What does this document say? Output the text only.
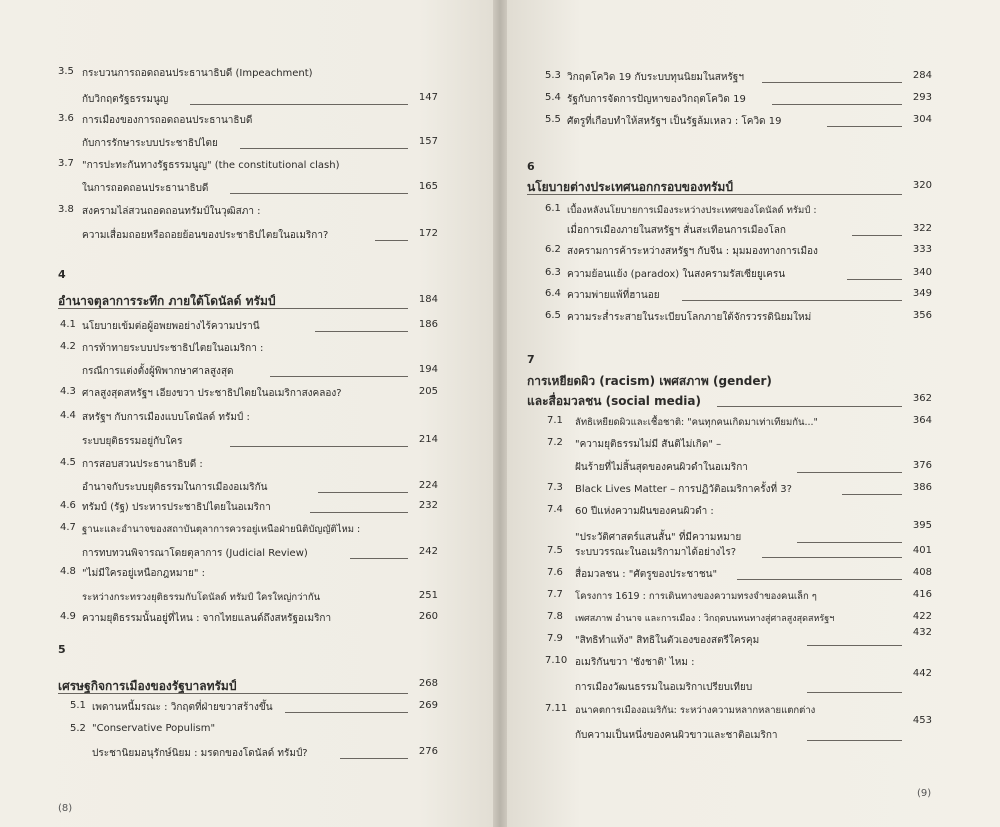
3.5 กระบวนการถอดถอนประธานาธิบดี (Impeachment)
กับวิกฤตรัฐธรรมนูญ	147
3.6 การเมืองของการถอดถอนประธานาธิบดี
กับการรักษาระบบประชาธิปไตย	157
3.7 "การปะทะกันทางรัฐธรรมนูญ" (the constitutional clash)
ในการถอดถอนประธานาธิบดี	165
3.8 สงครามไล่สวนถอดถอนทรัมป์ในวุฒิสภา :
ความเสื่อมถอยหรือถอยย้อนของประชาธิปไตยในอเมริกา?	172
4
อำนาจตุลาการระทึก ภายใต้โดนัลด์ ทรัมป์	184
4.1 นโยบายเข้มต่อผู้อพยพอย่างไร้ความปรานี	186
4.2 การท้าทายระบบประชาธิปไตยในอเมริกา :
กรณีการแต่งตั้งผู้พิพากษาศาลสูงสุด	194
4.3 ศาลสูงสุดสหรัฐฯ เอียงขวา ประชาธิปไตยในอเมริกาสงคลอง?	205
4.4 สหรัฐฯ กับการเมืองแบบโดนัลด์ ทรัมป์ :
ระบบยุติธรรมอยู่กับใคร	214
4.5 การสอบสวนประธานาธิบดี :
อำนาจกับระบบยุติธรรมในการเมืองอเมริกัน	224
4.6 ทรัมป์ (รัฐ) ประหารประชาธิปไตยในอเมริกา	232
4.7 ฐานะและอำนาจของสถาบันตุลาการควรอยู่เหนือฝ่ายนิติบัญญัติไหม :
การทบทวนพิจารณาโดยตุลาการ (Judicial Review)	242
4.8 "ไม่มีใครอยู่เหนือกฎหมาย" :
ระหว่างกระทรวงยุติธรรมกับโดนัลด์ ทรัมป์ ใครใหญ่กว่ากัน	251
4.9 ความยุติธรรมนั้นอยู่ที่ไหน : จากไทยแลนด์ถึงสหรัฐอเมริกา	260
5
เศรษฐกิจการเมืองของรัฐบาลทรัมป์	268
5.1 เพดานหนี้มรณะ : วิกฤตที่ฝ่ายขวาสร้างขึ้น	269
5.2 "Conservative Populism"
ประชานิยมอนุรักษ์นิยม : มรดกของโดนัลด์ ทรัมป์?	276
(8)
5.3 วิกฤตโควิด 19 กับระบบทุนนิยมในสหรัฐฯ	284
5.4 รัฐกับการจัดการปัญหาของวิกฤตโควิด 19	293
5.5 ศัตรูที่เกือบทำให้สหรัฐฯ เป็นรัฐล้มเหลว : โควิด 19	304
6
นโยบายต่างประเทศนอกกรอบของทรัมป์	320
6.1 เบื้องหลังนโยบายการเมืองระหว่างประเทศของโดนัลด์ ทรัมป์ :
เมื่อการเมืองภายในสหรัฐฯ สั่นสะเทือนการเมืองโลก	322
6.2 สงครามการค้าระหว่างสหรัฐฯ กับจีน : มุมมองทางการเมือง	333
6.3 ความย้อนแย้ง (paradox) ในสงครามรัสเซียยูเครน	340
6.4 ความพ่ายแพ้ที่ฮานอย	349
6.5 ความระส่ำระสายในระเบียบโลกภายใต้จักรวรรดินิยมใหม่	356
7
การเหยียดผิว (racism) เพศสภาพ (gender)
และสื่อมวลชน (social media)	362
7.1 ลัทธิเหยียดผิวและเชื้อชาติ: "คนทุกคนเกิดมาเท่าเทียมกัน..."	364
7.2 "ความยุติธรรมไม่มี สันติไม่เกิด" –
ฝันร้ายที่ไม่สิ้นสุดของคนผิวดำในอเมริกา	376
7.3 Black Lives Matter – การปฏิวัติอเมริกาครั้งที่ 3?	386
7.4 60 ปีแห่งความฝันของคนผิวดำ :
"ประวัติศาสตร์แสนสั้น" ที่มีความหมาย
395
7.5 ระบบวรรณะในอเมริกามาได้อย่างไร?	401
7.6 สื่อมวลชน : "ศัตรูของประชาชน"	408
7.7 โครงการ 1619 : การเดินทางของความทรงจำของคนเล็ก ๆ	416
7.8 เพศสภาพ อำนาจ และการเมือง : วิกฤตบนหนทางสู่ศาลสูงสุดสหรัฐฯ	422
7.9 "สิทธิทำแท้ง" สิทธิในตัวเองของสตรีใครคุม
432
7.10 อเมริกันขวา 'ชังชาติ' ไหม :
การเมืองวัฒนธรรมในอเมริกาเปรียบเทียบ
442
7.11 อนาคตการเมืองอเมริกัน: ระหว่างความหลากหลายแตกต่าง
กับความเป็นหนึ่งของคนผิวขาวและชาติอเมริกา
453
(9)
